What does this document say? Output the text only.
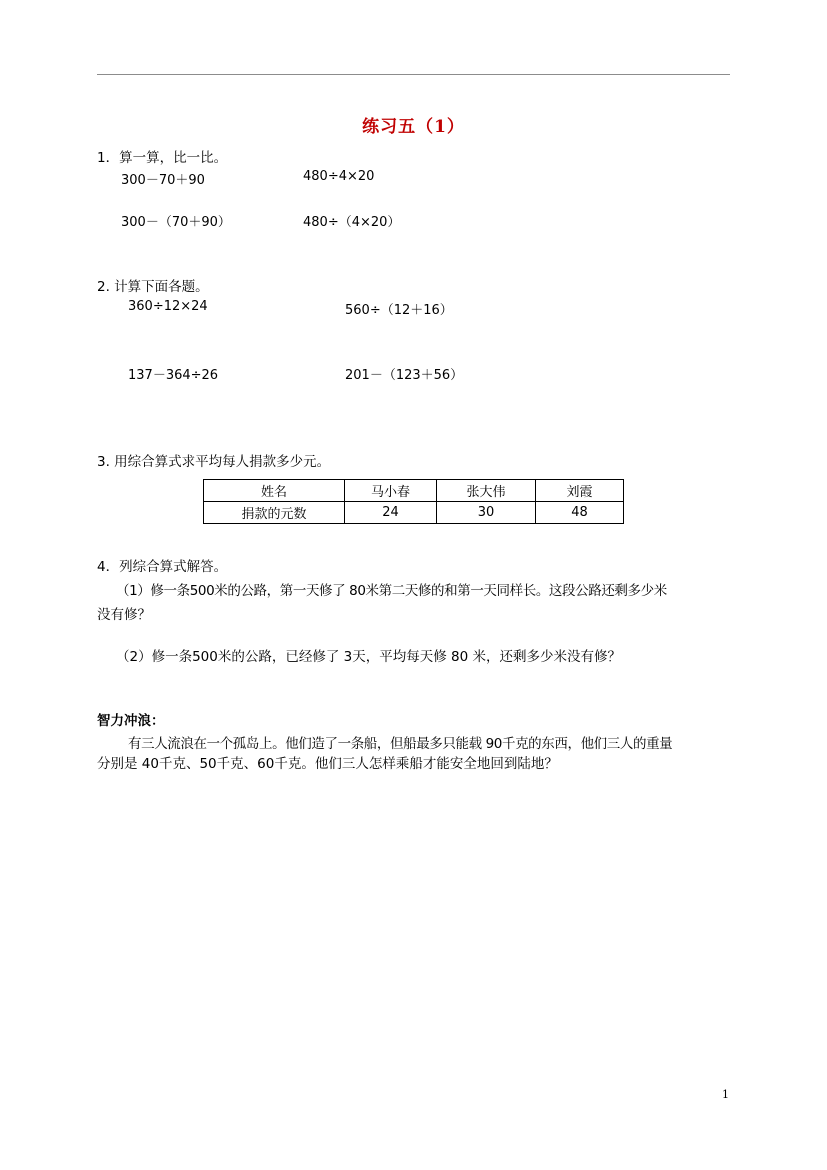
练习五（1）
1．算一算，比一比。
300－70＋90	480÷4×20
300－（70＋90）	480÷（4×20）
2. 计算下面各题。
360÷12×24	560÷（12＋16）
137－364÷26	201－（123＋56）
3. 用综合算式求平均每人捐款多少元。
姓名	马小春	张大伟	刘霞
捐款的元数	24	30	48
4．列综合算式解答。
（1）修一条500米的公路，第一天修了 80米第二天修的和第一天同样长。这段公路还剩多少米
没有修？
（2）修一条500米的公路，已经修了 3天，平均每天修 80 米，还剩多少米没有修？
智力冲浪：
有三人流浪在一个孤岛上。他们造了一条船，但船最多只能载 90千克的东西，他们三人的重量
分别是 40千克、50千克、60千克。他们三人怎样乘船才能安全地回到陆地？
1
